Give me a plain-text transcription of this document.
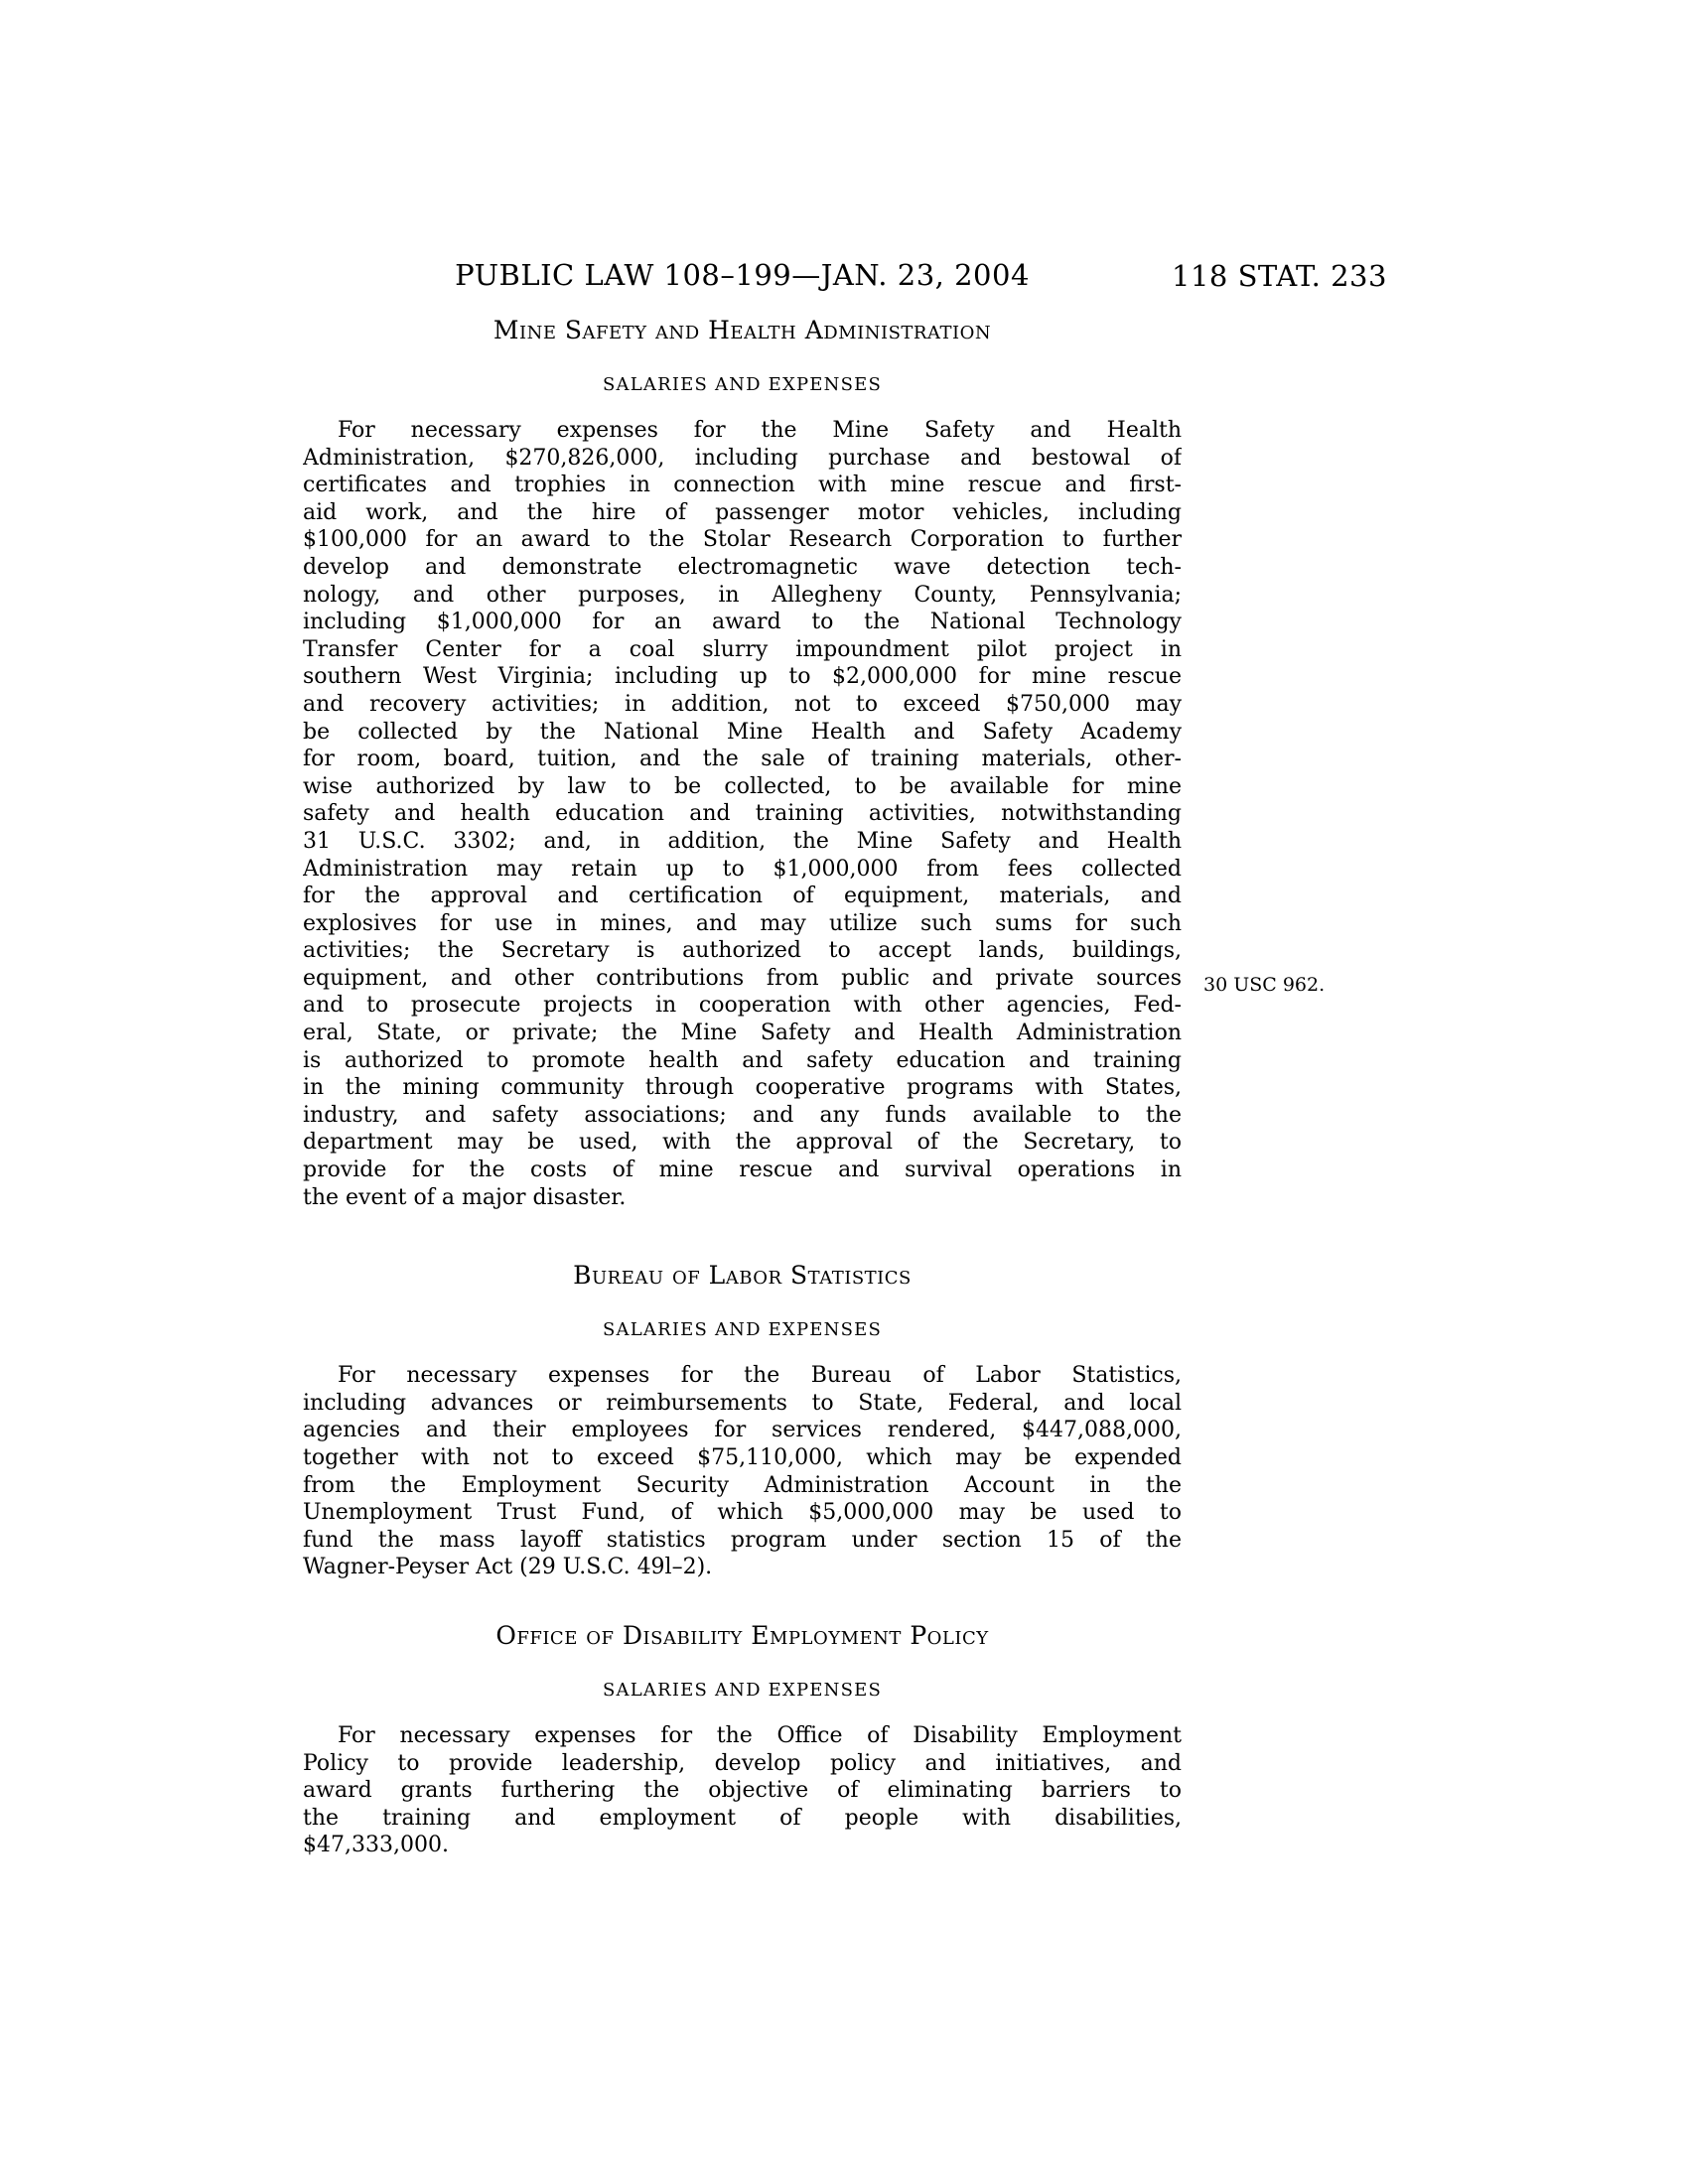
118 STAT. 233
30 USC 962.
PUBLIC LAW 108–199—JAN. 23, 2004
Mine Safety and Health Administration
SALARIES AND EXPENSES
For necessary expenses for the Mine Safety and Health
Administration, $270,826,000, including purchase and bestowal of
certificates and trophies in connection with mine rescue and first-
aid work, and the hire of passenger motor vehicles, including
$100,000 for an award to the Stolar Research Corporation to further
develop and demonstrate electromagnetic wave detection tech-
nology, and other purposes, in Allegheny County, Pennsylvania;
including $1,000,000 for an award to the National Technology
Transfer Center for a coal slurry impoundment pilot project in
southern West Virginia; including up to $2,000,000 for mine rescue
and recovery activities; in addition, not to exceed $750,000 may
be collected by the National Mine Health and Safety Academy
for room, board, tuition, and the sale of training materials, other-
wise authorized by law to be collected, to be available for mine
safety and health education and training activities, notwithstanding
31 U.S.C. 3302; and, in addition, the Mine Safety and Health
Administration may retain up to $1,000,000 from fees collected
for the approval and certification of equipment, materials, and
explosives for use in mines, and may utilize such sums for such
activities; the Secretary is authorized to accept lands, buildings,
equipment, and other contributions from public and private sources
and to prosecute projects in cooperation with other agencies, Fed-
eral, State, or private; the Mine Safety and Health Administration
is authorized to promote health and safety education and training
in the mining community through cooperative programs with States,
industry, and safety associations; and any funds available to the
department may be used, with the approval of the Secretary, to
provide for the costs of mine rescue and survival operations in
the event of a major disaster.
Bureau of Labor Statistics
SALARIES AND EXPENSES
For necessary expenses for the Bureau of Labor Statistics,
including advances or reimbursements to State, Federal, and local
agencies and their employees for services rendered, $447,088,000,
together with not to exceed $75,110,000, which may be expended
from the Employment Security Administration Account in the
Unemployment Trust Fund, of which $5,000,000 may be used to
fund the mass layoff statistics program under section 15 of the
Wagner-Peyser Act (29 U.S.C. 49l–2).
Office of Disability Employment Policy
SALARIES AND EXPENSES
For necessary expenses for the Office of Disability Employment
Policy to provide leadership, develop policy and initiatives, and
award grants furthering the objective of eliminating barriers to
the training and employment of people with disabilities,
$47,333,000.
